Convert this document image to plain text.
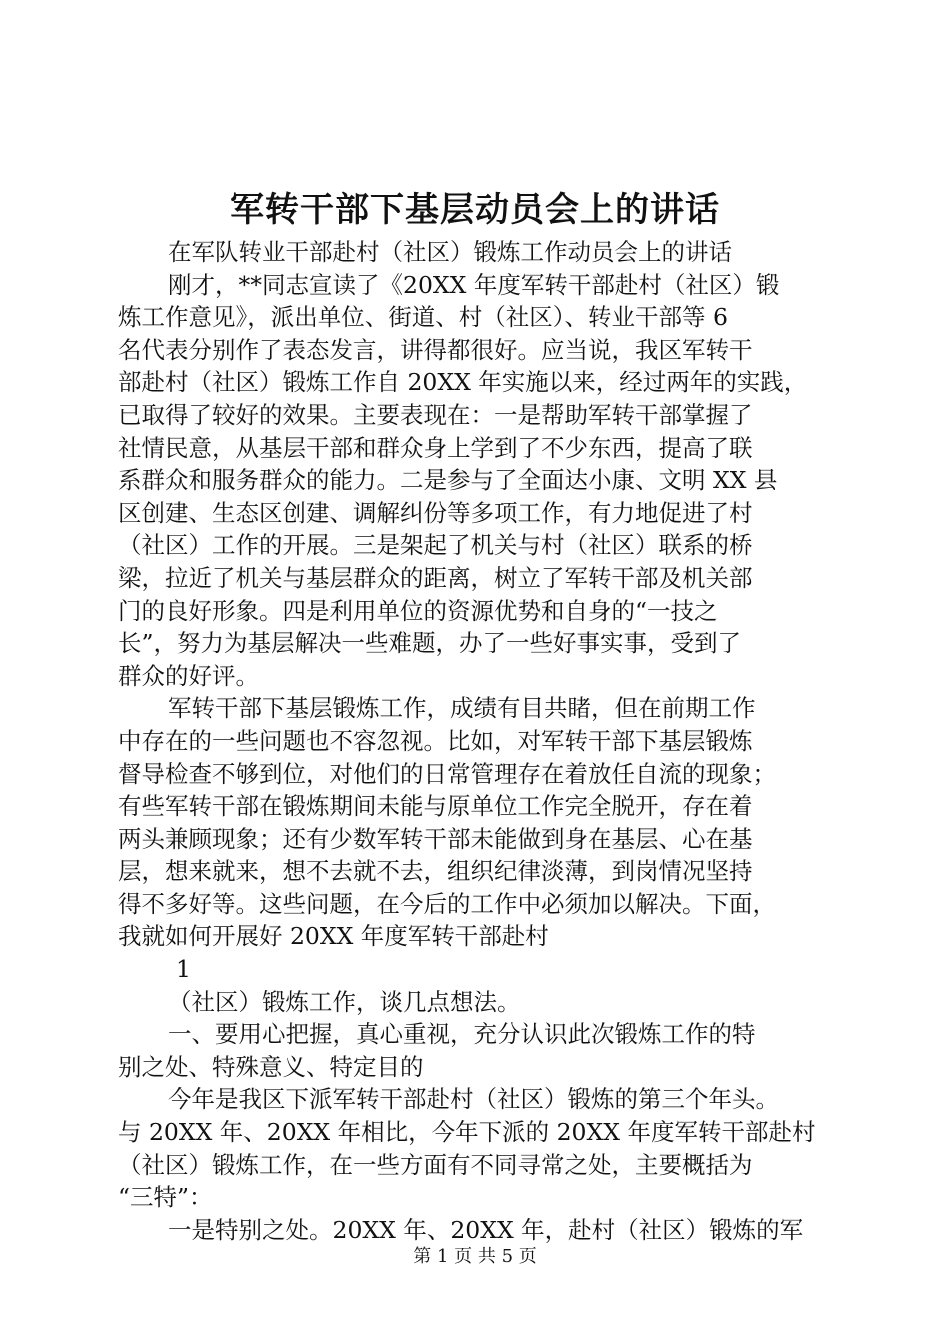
军转干部下基层动员会上的讲话
在军队转业干部赴村（社区）锻炼工作动员会上的讲话
刚才，**同志宣读了《20XX 年度军转干部赴村（社区）锻
炼工作意见》，派出单位、街道、村（社区）、转业干部等 6
名代表分别作了表态发言，讲得都很好。应当说，我区军转干
部赴村（社区）锻炼工作自 20XX 年实施以来，经过两年的实践，
已取得了较好的效果。主要表现在：一是帮助军转干部掌握了
社情民意，从基层干部和群众身上学到了不少东西，提高了联
系群众和服务群众的能力。二是参与了全面达小康、文明 XX 县
区创建、生态区创建、调解纠份等多项工作，有力地促进了村
（社区）工作的开展。三是架起了机关与村（社区）联系的桥
梁，拉近了机关与基层群众的距离，树立了军转干部及机关部
门的良好形象。四是利用单位的资源优势和自身的“一技之
长”，努力为基层解决一些难题，办了一些好事实事，受到了
群众的好评。
军转干部下基层锻炼工作，成绩有目共睹，但在前期工作
中存在的一些问题也不容忽视。比如，对军转干部下基层锻炼
督导检查不够到位，对他们的日常管理存在着放任自流的现象；
有些军转干部在锻炼期间未能与原单位工作完全脱开，存在着
两头兼顾现象；还有少数军转干部未能做到身在基层、心在基
层，想来就来，想不去就不去，组织纪律淡薄，到岗情况坚持
得不多好等。这些问题，在今后的工作中必须加以解决。下面，
我就如何开展好 20XX 年度军转干部赴村
1
（社区）锻炼工作，谈几点想法。
一、要用心把握，真心重视，充分认识此次锻炼工作的特
别之处、特殊意义、特定目的
今年是我区下派军转干部赴村（社区）锻炼的第三个年头。
与 20XX 年、20XX 年相比，今年下派的 20XX 年度军转干部赴村
（社区）锻炼工作，在一些方面有不同寻常之处，主要概括为
“三特”：
一是特别之处。20XX 年、20XX 年，赴村（社区）锻炼的军
第 1 页 共 5 页
